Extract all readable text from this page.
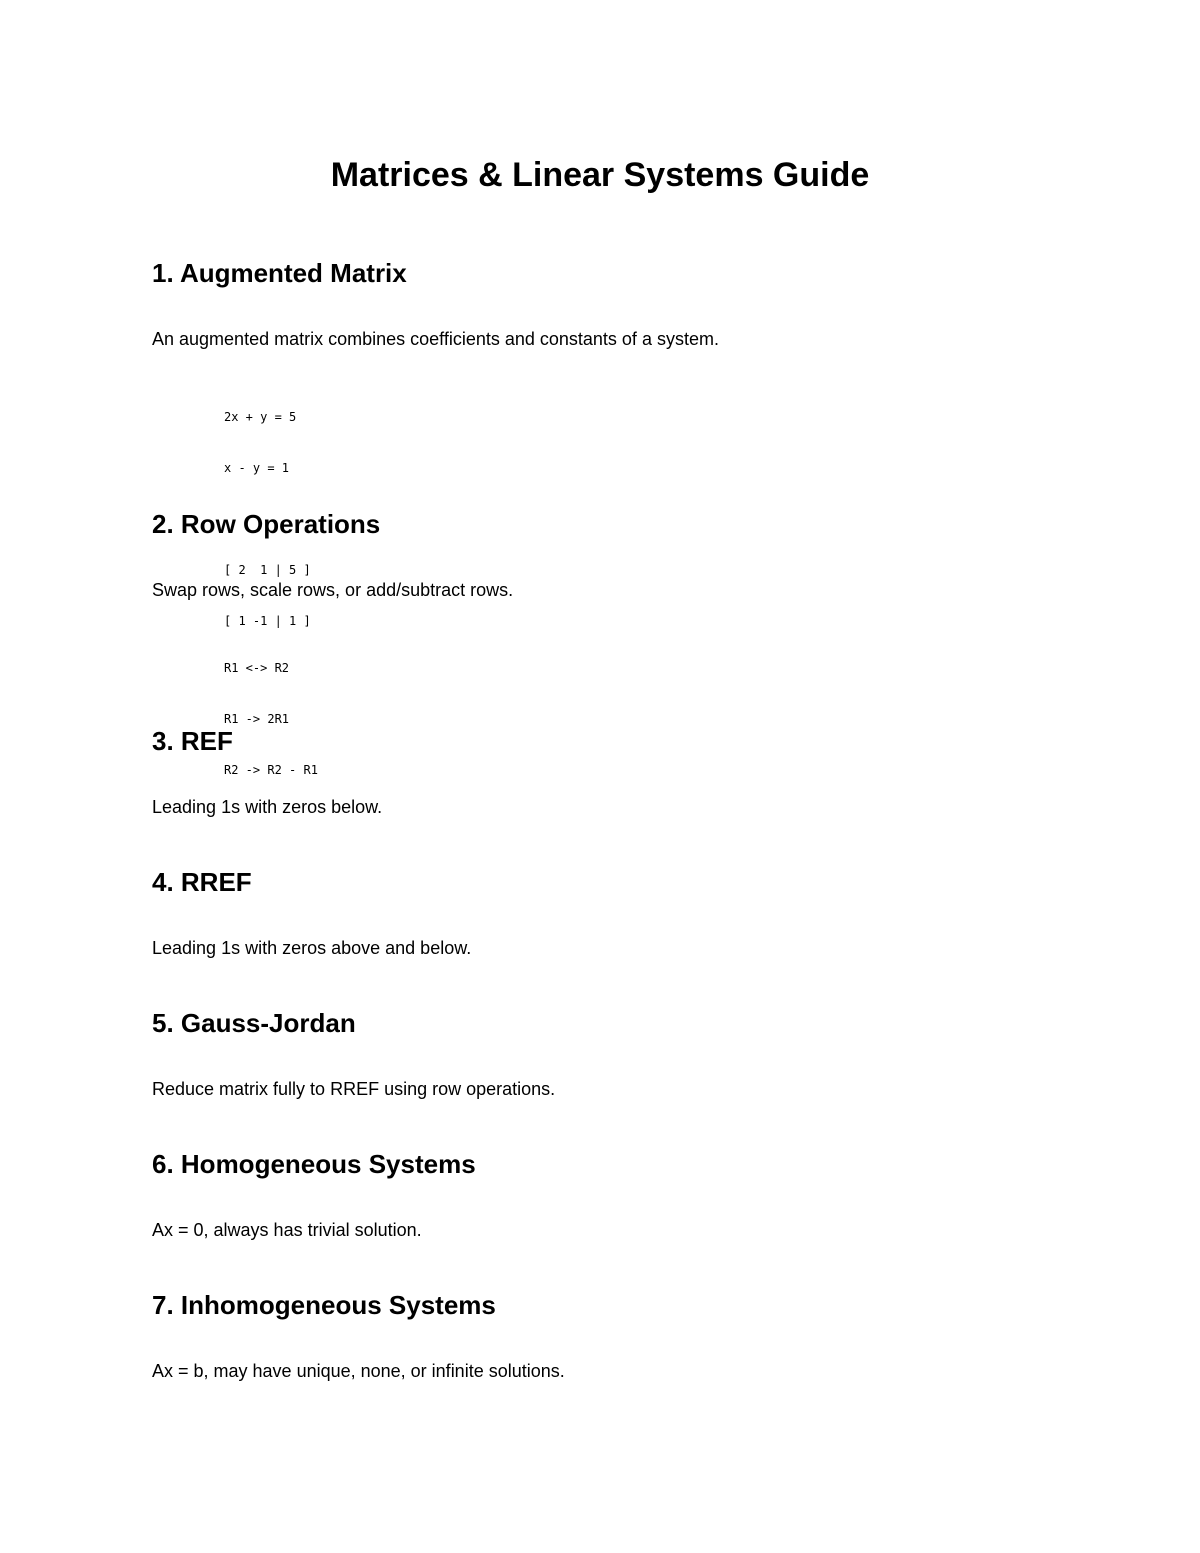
Matrices & Linear Systems Guide
1. Augmented Matrix

An augmented matrix combines coefficients and constants of a system.

2x + y = 5

x - y = 1

[ 2  1 | 5 ]

[ 1 -1 | 1 ]

2. Row Operations

Swap rows, scale rows, or add/subtract rows.

R1 <-> R2

R1 -> 2R1

R2 -> R2 - R1

3. REF

Leading 1s with zeros below.

4. RREF

Leading 1s with zeros above and below.

5. Gauss-Jordan

Reduce matrix fully to RREF using row operations.

6. Homogeneous Systems

Ax = 0, always has trivial solution.

7. Inhomogeneous Systems

Ax = b, may have unique, none, or infinite solutions.
